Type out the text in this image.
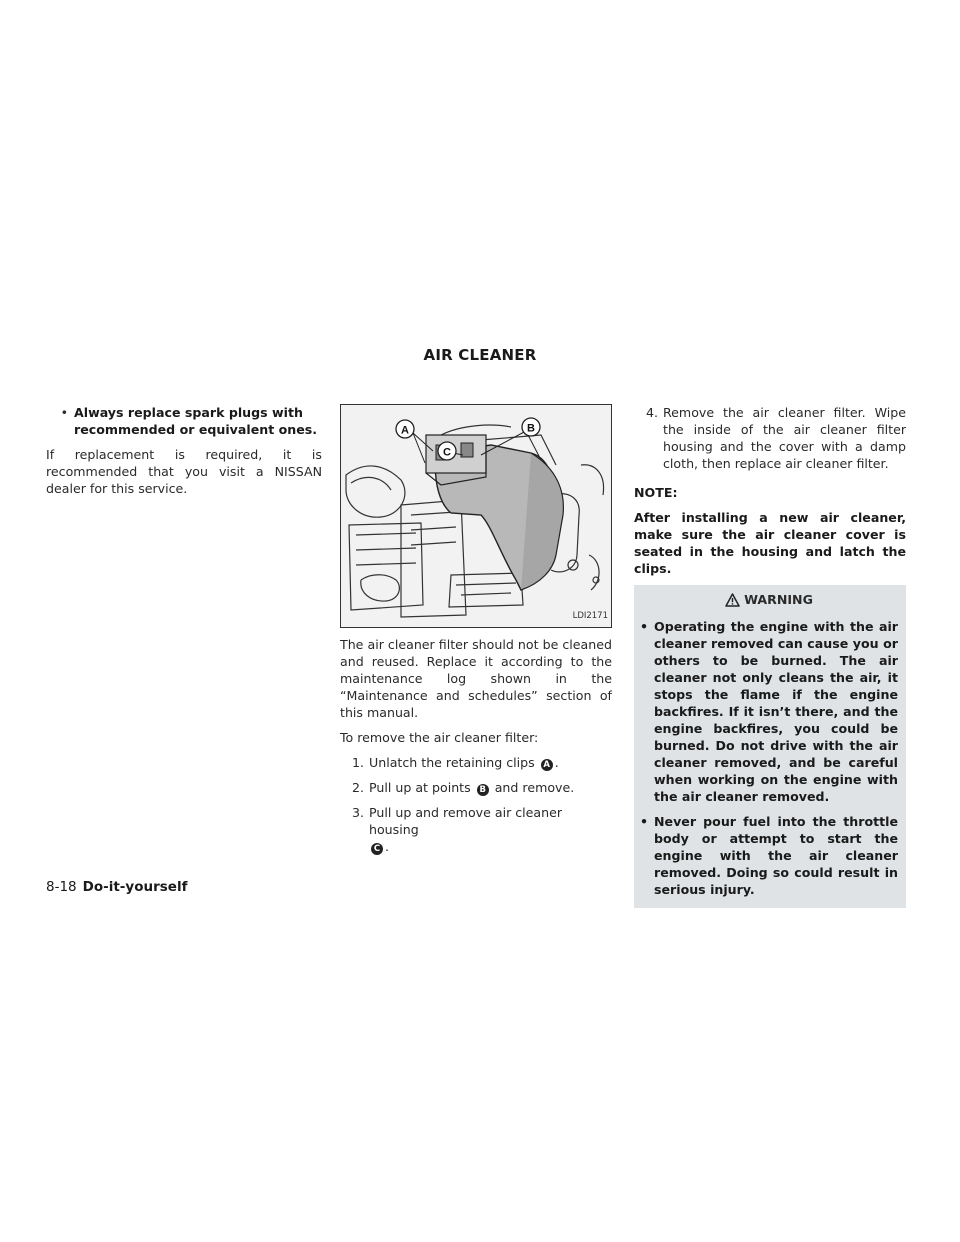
AIR CLEANER
• Always replace spark plugs with recommended or equivalent ones.

If replacement is required, it is recommended that you visit a NISSAN dealer for this service.

A	B
C
LDI2171

The air cleaner filter should not be cleaned and reused. Replace it according to the maintenance log shown in the “Maintenance and schedules” section of this manual.

To remove the air cleaner filter:

1. Unlatch the retaining clips A .
2. Pull up at points B and remove.
3. Pull up and remove air cleaner housing
C .
4. Remove the air cleaner filter. Wipe the inside of the air cleaner filter housing and the cover with a damp cloth, then replace air cleaner filter.

NOTE:

After installing a new air cleaner, make sure the air cleaner cover is seated in the housing and latch the clips.

WARNING
• Operating the engine with the air cleaner removed can cause you or others to be burned. The air cleaner not only cleans the air, it stops the flame if the engine backfires. If it isn’t there, and the engine backfires, you could be burned. Do not drive with the air cleaner removed, and be careful when working on the engine with the air cleaner removed.
• Never pour fuel into the throttle body or attempt to start the engine with the air cleaner removed. Doing so could result in serious injury.
8-18 Do-it-yourself
